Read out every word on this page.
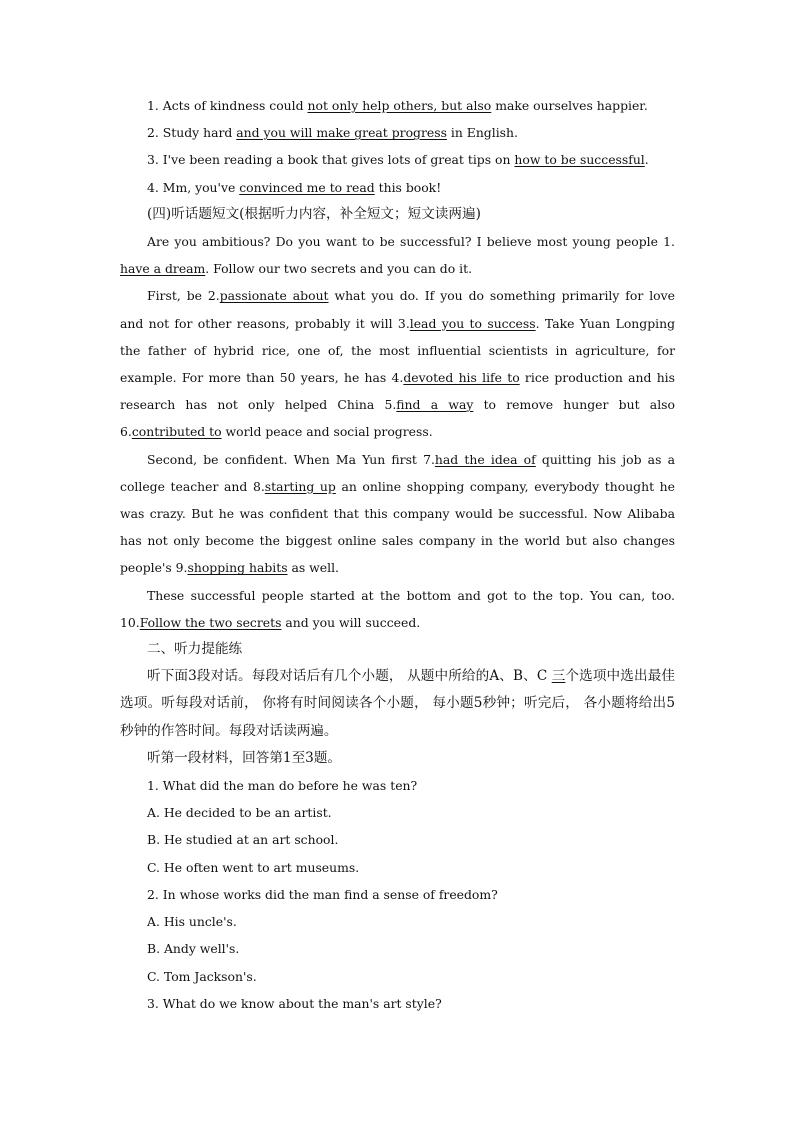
1. Acts of kindness could not only help others, but also make ourselves happier.

2. Study hard and you will make great progress in English.

3. I've been reading a book that gives lots of great tips on how to be successful.

4. Mm, you've convinced me to read this book!

(四)听话题短文(根据听力内容，补全短文；短文读两遍)

Are you ambitious? Do you want to be successful? I believe most young people 1. have a dream. Follow our two secrets and you can do it.

First, be 2.passionate about what you do. If you do something primarily for love and not for other reasons, probably it will 3.lead you to success. Take Yuan Longping the father of hybrid rice, one of, the most influential scientists in agriculture, for example. For more than 50 years, he has 4.devoted his life to rice production and his research has not only helped China 5.find a way to remove hunger but also 6.contributed to world peace and social progress.

Second, be confident. When Ma Yun first 7.had the idea of quitting his job as a college teacher and 8.starting up an online shopping company, everybody thought he was crazy. But he was confident that this company would be successful. Now Alibaba has not only become the biggest online sales company in the world but also changes people's 9.shopping habits as well.

These successful people started at the bottom and got to the top. You can, too. 10.Follow the two secrets and you will succeed.

二、听力提能练

听下面3段对话。每段对话后有几个小题， 从题中所给的A、B、C 三个选项中选出最佳选项。听每段对话前， 你将有时间阅读各个小题， 每小题5秒钟；听完后， 各小题将给出5秒钟的作答时间。每段对话读两遍。

听第一段材料，回答第1至3题。

1. What did the man do before he was ten?

A. He decided to be an artist.

B. He studied at an art school.

C. He often went to art museums.

2. In whose works did the man find a sense of freedom?

A. His uncle's.

B. Andy well's.

C. Tom Jackson's.

3. What do we know about the man's art style?
